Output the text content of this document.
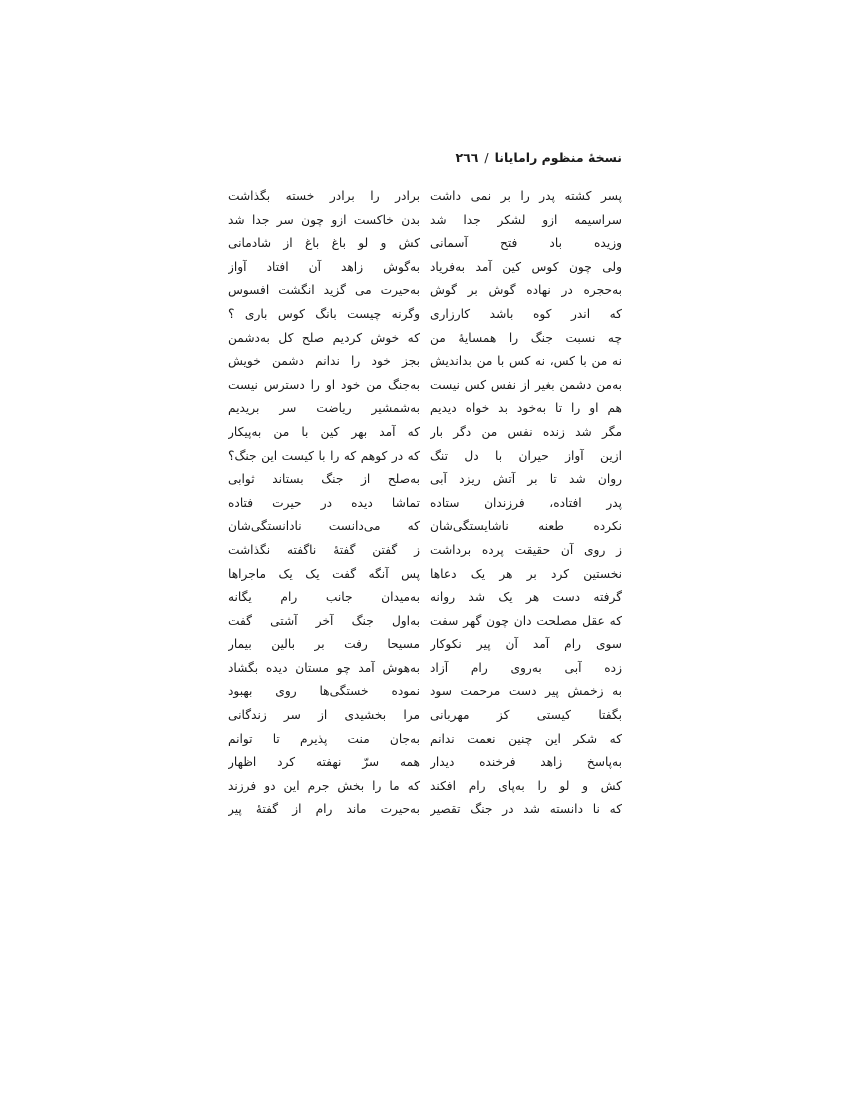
نسخهٔ منظوم رامایانا/٢٦٦
پسر کشته پدر را بر نمی داشت
سراسیمه ازو لشکر جدا شد
وزیده باد فتح آسمانی
ولی چون کوس کین آمد به‌فریاد
به‌حجره در نهاده گوش بر گوش
که اندر کوه باشد کارزاری
چه نسبت جنگ را همسایهٔ من
نه من با کس، نه کس با من بداندیش
به‌من دشمن بغیر از نفس کس نیست
هم او را تا به‌خود بد خواه دیدیم
مگر شد زنده نفس من دگر بار
ازین آواز حیران با دل تنگ
روان شد تا بر آتش ریزد آبی
پدر افتاده، فرزندان ستاده
نکرده طعنه ناشایستگی‌شان
ز روی آن حقیقت پرده برداشت
نخستین کرد بر هر یک دعاها
گرفته دست هر یک شد روانه
که عقل مصلحت دان چون گهر سفت
سوی رام آمد آن پیر نکوکار
زده آبی به‌روی رام آزاد
به زخمش پیر دست مرحمت سود
بگفتا کیستی کز مهربانی
که شکر این چنین نعمت ندانم
به‌پاسخ زاهد فرخنده دیدار
کش و لو را به‌پای رام افکند
که نا دانسته شد در جنگ تقصیر
برادر را برادر خسته بگذاشت
بدن خاکست ازو چون سر جدا شد
کش و لو باغ باغ از شادمانی
به‌گوش زاهد آن افتاد آواز
به‌حیرت می گزید انگشت افسوس
وگرنه چیست بانگ کوس باری ؟
که خوش کردیم صلح کل به‌دشمن
بجز خود را ندانم دشمن خویش
به‌جنگ من خود او را دسترس نیست
به‌شمشیر ریاضت سر بریدیم
که آمد بهر کین با من به‌پیکار
که در کوهم که را با کیست این جنگ؟
به‌صلح از جنگ بستاند ثوابی
تماشا دیده در حیرت فتاده
که می‌دانست نادانستگی‌شان
ز گفتن گفتهٔ ناگفته نگذاشت
پس آنگه گفت یک یک ماجراها
به‌میدان جانب رام یگانه
به‌اول جنگ آخر آشتی گفت
مسیحا رفت بر بالین بیمار
به‌هوش آمد چو مستان دیده بگشاد
نموده خستگی‌ها روی بهبود
مرا بخشیدی از سر زندگانی
به‌جان منت پذیرم تا توانم
همه سرّ نهفته کرد اظهار
که ما را بخش جرم این دو فرزند
به‌حیرت ماند رام از گفتهٔ پیر
